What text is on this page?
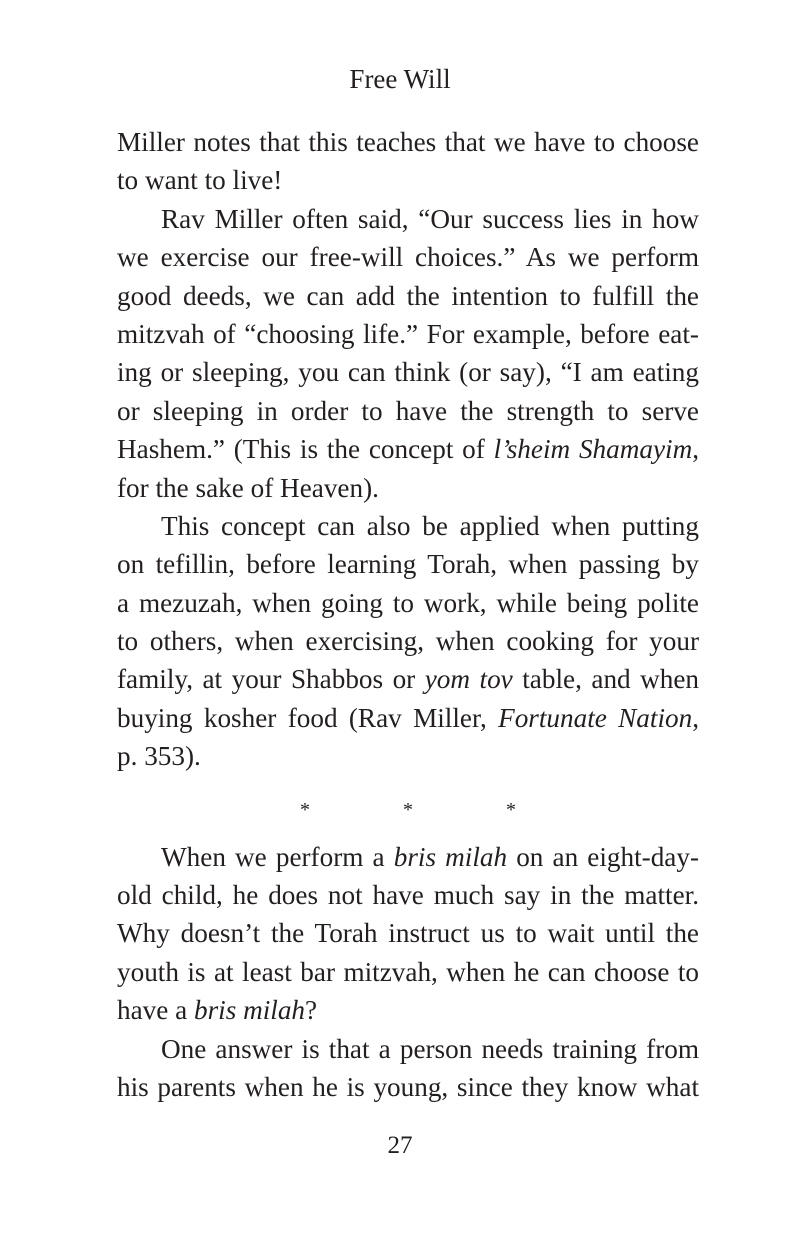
Free Will
Miller notes that this teaches that we have to choose
to want to live!
Rav Miller often said, “Our success lies in how
we exercise our free-will choices.” As we perform
good deeds, we can add the intention to fulfill the
mitzvah of “choosing life.” For example, before eat-
ing or sleeping, you can think (or say), “I am eating
or sleeping in order to have the strength to serve
Hashem.” (This is the concept of l’sheim Shamayim,
for the sake of Heaven).
This concept can also be applied when putting
on tefillin, before learning Torah, when passing by
a mezuzah, when going to work, while being polite
to others, when exercising, when cooking for your
family, at your Shabbos or yom tov table, and when
buying kosher food (Rav Miller, Fortunate Nation,
p. 353).
* * *
When we perform a bris milah on an eight-day-
old child, he does not have much say in the matter.
Why doesn’t the Torah instruct us to wait until the
youth is at least bar mitzvah, when he can choose to
have a bris milah?
One answer is that a person needs training from
his parents when he is young, since they know what
27
